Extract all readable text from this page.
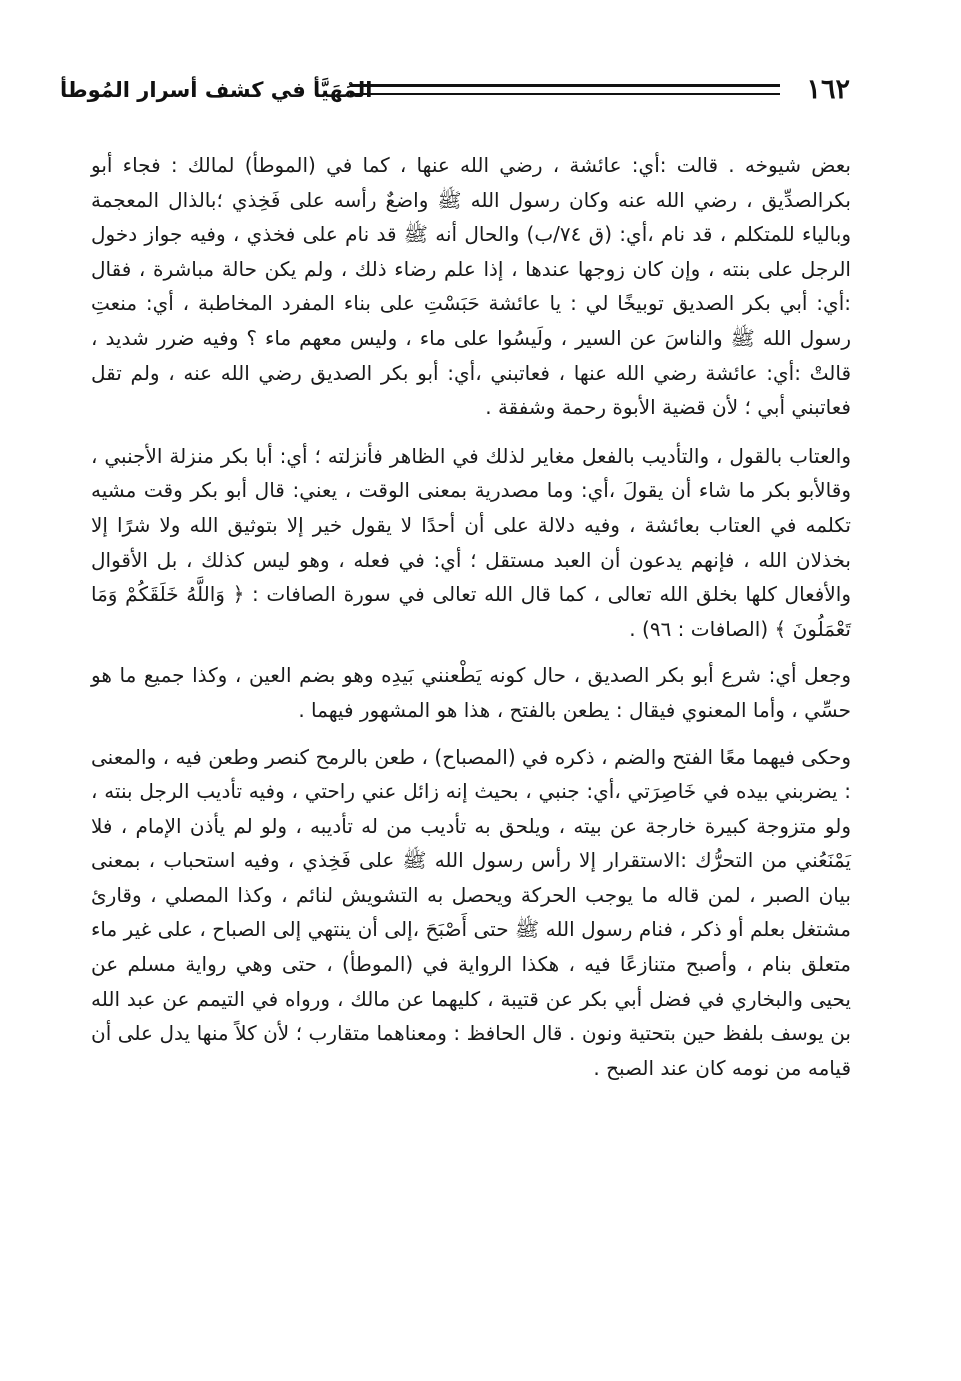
١٦٢
المُهَيَّأ في كشف أسرار المُوطأ

بعض شيوخه . قالت :أي: عائشة ، رضي الله عنها ، كما في (الموطأ) لمالك : فجاء أبو بكرالصدِّيق ، رضي الله عنه وكان رسول الله ﷺ واضعٌ رأسه على فَخِذي ؛بالذال المعجمة وبالياء للمتكلم ، قد نام ،أي: (ق ٧٤/ب) والحال أنه ﷺ قد نام على فخذي ، وفيه جواز دخول الرجل على بنته ، وإن كان زوجها عندها ، إذا علم رضاء ذلك ، ولم يكن حالة مباشرة ، فقال :أي: أبي بكر الصديق توبيخًا لي : يا عائشة حَبَسْتِ على بناء المفرد المخاطبة ، أي: منعتِ رسول الله ﷺ والناسَ عن السير ، ولَيسُوا على ماء ، وليس معهم ماء ؟ وفيه ضرر شديد ، قالتْ :أي: عائشة رضي الله عنها ، فعاتبني ،أي: أبو بكر الصديق رضي الله عنه ، ولم تقل فعاتبني أبي ؛ لأن قضية الأبوة رحمة وشفقة .

والعتاب بالقول ، والتأديب بالفعل مغاير لذلك في الظاهر فأنزلته ؛ أي: أبا بكر منزلة الأجنبي ، وقالأبو بكر ما شاء أن يقولَ ،أي: وما مصدرية بمعنى الوقت ، يعني: قال أبو بكر وقت مشيه تكلمه في العتاب بعائشة ، وفيه دلالة على أن أحدًا لا يقول خير إلا بتوثيق الله ولا شرًا إلا بخذلان الله ، فإنهم يدعون أن العبد مستقل ؛ أي: في فعله ، وهو ليس كذلك ، بل الأقوال والأفعال كلها بخلق الله تعالى ، كما قال الله تعالى في سورة الصافات : ﴿ وَاللَّهُ خَلَقَكُمْ وَمَا تَعْمَلُونَ ﴾ (الصافات : ٩٦) .

وجعل أي: شرع أبو بكر الصديق ، حال كونه يَطْعنني بَيدِه وهو بضم العين ، وكذا جميع ما هو حسِّي ، وأما المعنوي فيقال : يطعن بالفتح ، هذا هو المشهور فيهما .

وحكى فيهما معًا الفتح والضم ، ذكره في (المصباح) ، طعن بالرمح كنصر وطعن فيه ، والمعنى : يضربني بيده في خَاصِرَتي ،أي: جنبي ، بحيث إنه زائل عني راحتي ، وفيه تأديب الرجل بنته ، ولو متزوجة كبيرة خارجة عن بيته ، ويلحق به تأديب من له تأديبه ، ولو لم يأذن الإمام ، فلا يَمْنَعُني من التحرُّك :الاستقرار إلا رأس رسول الله ﷺ على فَخِذي ، وفيه استحباب ، بمعنى بيان الصبر ، لمن قاله ما يوجب الحركة ويحصل به التشويش لنائم ، وكذا المصلي ، وقارئ مشتغل بعلم أو ذكر ، فنام رسول الله ﷺ حتى أَصْبَحَ ،إلى أن ينتهي إلى الصباح ، على غير ماء متعلق بنام ، وأصبح متنازعًا فيه ، هكذا الرواية في (الموطأ) ، حتى وهي رواية مسلم عن يحيى والبخاري في فضل أبي بكر عن قتيبة ، كليهما عن مالك ، ورواه في التيمم عن عبد الله بن يوسف بلفظ حين بتحتية ونون . قال الحافظ : ومعناهما متقارب ؛ لأن كلاً منها يدل على أن قيامه من نومه كان عند الصبح .
